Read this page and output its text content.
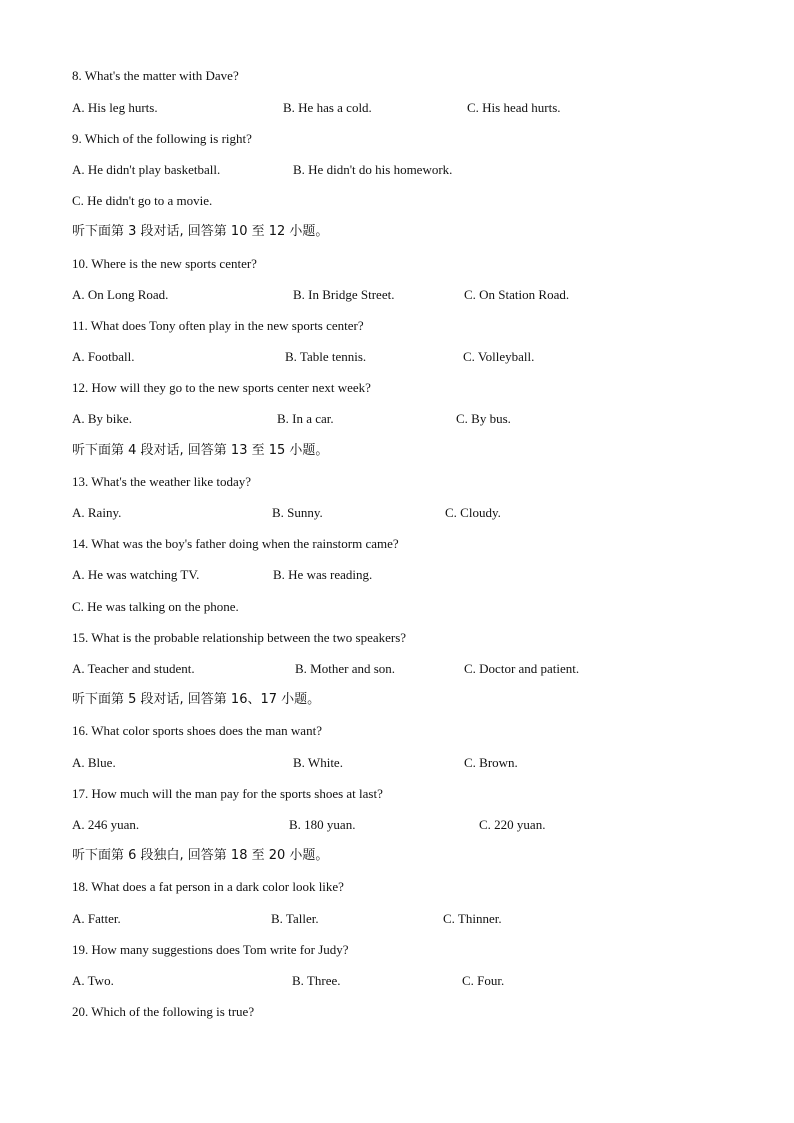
8. What's the matter with Dave?
A. His leg hurts.	B. He has a cold.	C. His head hurts.
9. Which of the following is right?
A. He didn't play basketball.	B. He didn't do his homework.
C. He didn't go to a movie.
听下面第 3 段对话, 回答第 10 至 12 小题。
10. Where is the new sports center?
A. On Long Road.	B. In Bridge Street.	C. On Station Road.
11. What does Tony often play in the new sports center?
A. Football.	B. Table tennis.	C. Volleyball.
12. How will they go to the new sports center next week?
A. By bike.	B. In a car.	C. By bus.
听下面第 4 段对话, 回答第 13 至 15 小题。
13. What's the weather like today?
A. Rainy.	B. Sunny.	C. Cloudy.
14. What was the boy's father doing when the rainstorm came?
A. He was watching TV.	B. He was reading.
C. He was talking on the phone.
15. What is the probable relationship between the two speakers?
A. Teacher and student.	B. Mother and son.	C. Doctor and patient.
听下面第 5 段对话, 回答第 16、17 小题。
16. What color sports shoes does the man want?
A. Blue.	B. White.	C. Brown.
17. How much will the man pay for the sports shoes at last?
A. 246 yuan.	B. 180 yuan.	C. 220 yuan.
听下面第 6 段独白, 回答第 18 至 20 小题。
18. What does a fat person in a dark color look like?
A. Fatter.	B. Taller.	C. Thinner.
19. How many suggestions does Tom write for Judy?
A. Two.	B. Three.	C. Four.
20. Which of the following is true?
